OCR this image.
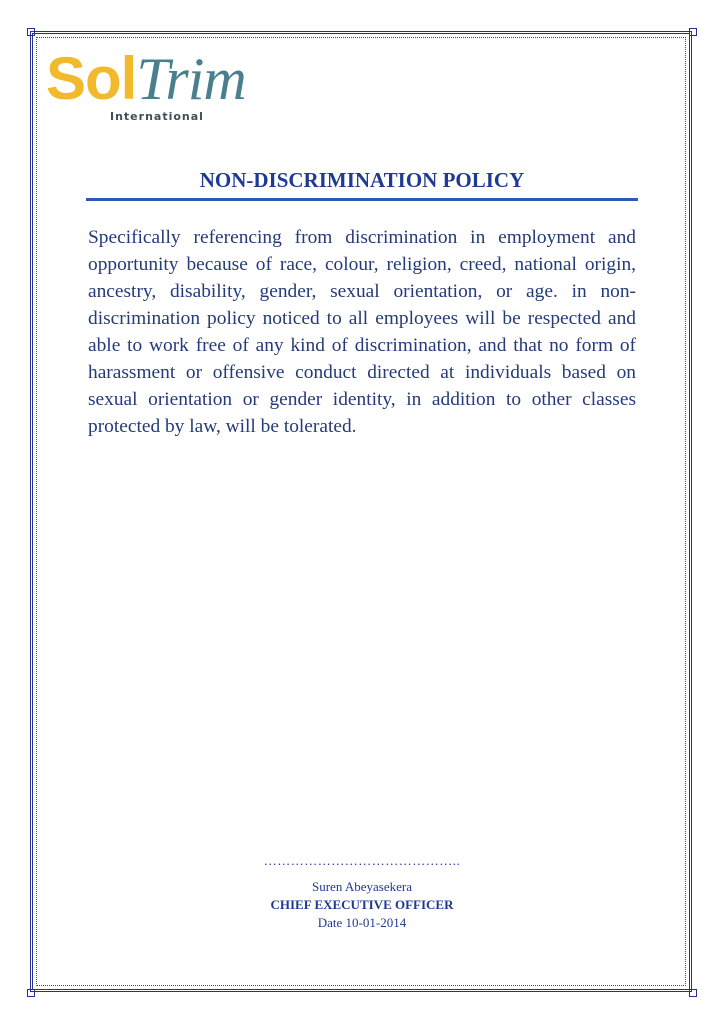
SolTrim
International
NON-DISCRIMINATION POLICY

Specifically referencing from discrimination in employment and opportunity because of race, colour, religion, creed, national origin, ancestry, disability, gender, sexual orientation, or age. in non-discrimination policy noticed to all employees will be respected and able to work free of any kind of discrimination, and that no form of harassment or offensive conduct directed at individuals based on sexual orientation or gender identity, in addition to other classes protected by law, will be tolerated.

……………………………………..
Suren Abeyasekera
CHIEF EXECUTIVE OFFICER
Date 10-01-2014
